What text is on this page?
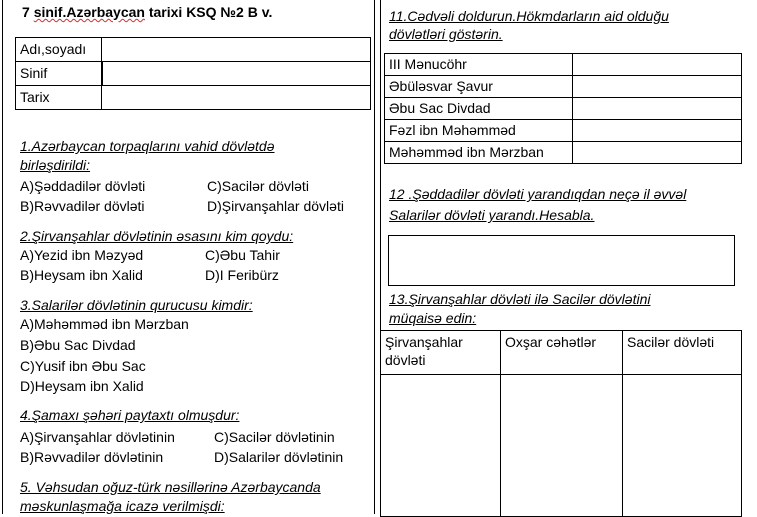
7 sinif.Azərbaycan tarixi KSQ №2 B v.
Adı,soyadı	
Sinif	
Tarix	
1.Azərbaycan torpaqlarını vahid dövlətdə
birləşdirildi:
A)Şəddadilər dövləti	C)Sacilər dövləti
B)Rəvvadilər dövləti	D)Şirvanşahlar dövləti
2.Şirvanşahlar dövlətinin əsasını kim qoydu:
A)Yezid ibn Məzyəd	C)Əbu Tahir
B)Heysam ibn Xalid	D)I Feribürz
3.Salarilər dövlətinin qurucusu kimdir:
A)Məhəmməd ibn Mərzban
B)Əbu Sac Divdad
C)Yusif ibn Əbu Sac
D)Heysam ibn Xalid
4.Şamaxı şəhəri paytaxtı olmuşdur:
A)Şirvanşahlar dövlətinin	C)Sacilər dövlətinin
B)Rəvvadilər dövlətinin	D)Salarilər dövlətinin
5. Vəhsudan oğuz-türk nəsillərinə Azərbaycanda
məskunlaşmağa icazə verilmişdi:
11.Cədvəli doldurun.Hökmdarların aid olduğu
dövlətləri göstərin.
III Mənucöhr	
Əbüləsvar Şavur	
Əbu Sac Divdad	
Fəzl ibn Məhəmməd	
Məhəmməd ibn Mərzban	
12 .Şəddadilər dövləti yarandıqdan neçə il əvvəl
Salarilər dövləti yarandı.Hesabla.
13.Şirvanşahlar dövləti ilə Sacilər dövlətini
müqaisə edin:
Şirvanşahlar dövləti	Oxşar cəhətlər	Sacilər dövləti
